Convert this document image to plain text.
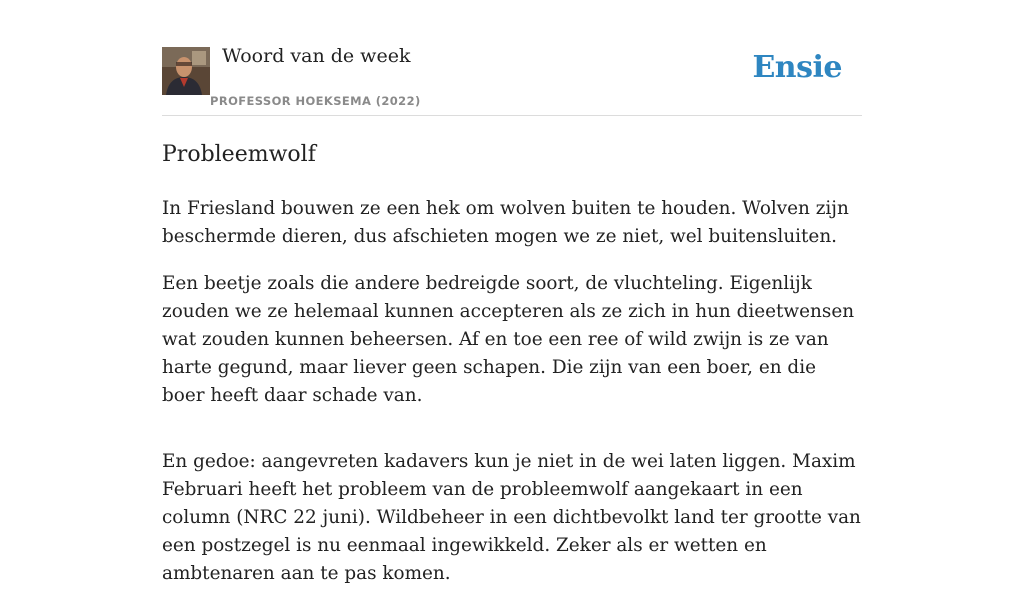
Woord van de week
PROFESSOR HOEKSEMA (2022)
Ensie
Probleemwolf

In Friesland bouwen ze een hek om wolven buiten te houden. Wolven zijn beschermde dieren, dus afschieten mogen we ze niet, wel buitensluiten.

Een beetje zoals die andere bedreigde soort, de vluchteling. Eigenlijk zouden we ze helemaal kunnen accepteren als ze zich in hun dieetwensen wat zouden kunnen beheersen. Af en toe een ree of wild zwijn is ze van harte gegund, maar liever geen schapen. Die zijn van een boer, en die boer heeft daar schade van.

En gedoe: aangevreten kadavers kun je niet in de wei laten liggen. Maxim Februari heeft het probleem van de probleemwolf aangekaart in een column (NRC 22 juni). Wildbeheer in een dichtbevolkt land ter grootte van een postzegel is nu eenmaal ingewikkeld. Zeker als er wetten en ambtenaren aan te pas komen.
